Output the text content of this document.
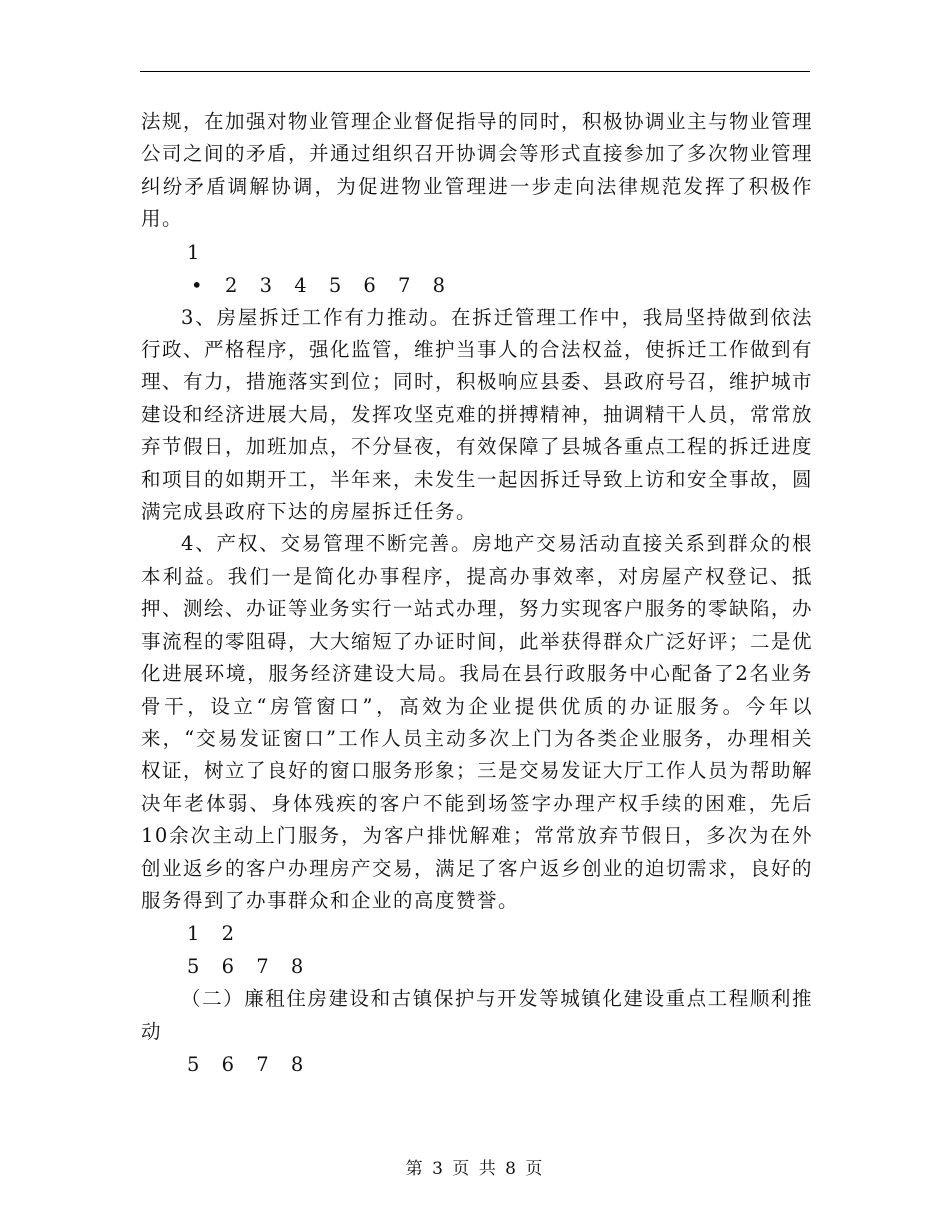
法规，在加强对物业管理企业督促指导的同时，积极协调业主与物业管理公司之间的矛盾，并通过组织召开协调会等形式直接参加了多次物业管理纠纷矛盾调解协调，为促进物业管理进一步走向法律规范发挥了积极作用。

1

• 2 3 4 5 6 7 8

3、房屋拆迁工作有力推动。在拆迁管理工作中，我局坚持做到依法行政、严格程序，强化监管，维护当事人的合法权益，使拆迁工作做到有理、有力，措施落实到位；同时，积极响应县委、县政府号召，维护城市建设和经济进展大局，发挥攻坚克难的拼搏精神，抽调精干人员，常常放弃节假日，加班加点，不分昼夜，有效保障了县城各重点工程的拆迁进度和项目的如期开工，半年来，未发生一起因拆迁导致上访和安全事故，圆满完成县政府下达的房屋拆迁任务。

4、产权、交易管理不断完善。房地产交易活动直接关系到群众的根本利益。我们一是简化办事程序，提高办事效率，对房屋产权登记、抵押、测绘、办证等业务实行一站式办理，努力实现客户服务的零缺陷，办事流程的零阻碍，大大缩短了办证时间，此举获得群众广泛好评；二是优化进展环境，服务经济建设大局。我局在县行政服务中心配备了2名业务骨干，设立“房管窗口”，高效为企业提供优质的办证服务。今年以来，“交易发证窗口”工作人员主动多次上门为各类企业服务，办理相关权证，树立了良好的窗口服务形象；三是交易发证大厅工作人员为帮助解决年老体弱、身体残疾的客户不能到场签字办理产权手续的困难，先后10余次主动上门服务，为客户排忧解难；常常放弃节假日，多次为在外创业返乡的客户办理房产交易，满足了客户返乡创业的迫切需求，良好的服务得到了办事群众和企业的高度赞誉。

1 2

5 6 7 8

（二）廉租住房建设和古镇保护与开发等城镇化建设重点工程顺利推动

5 6 7 8

第 3 页 共 8 页
